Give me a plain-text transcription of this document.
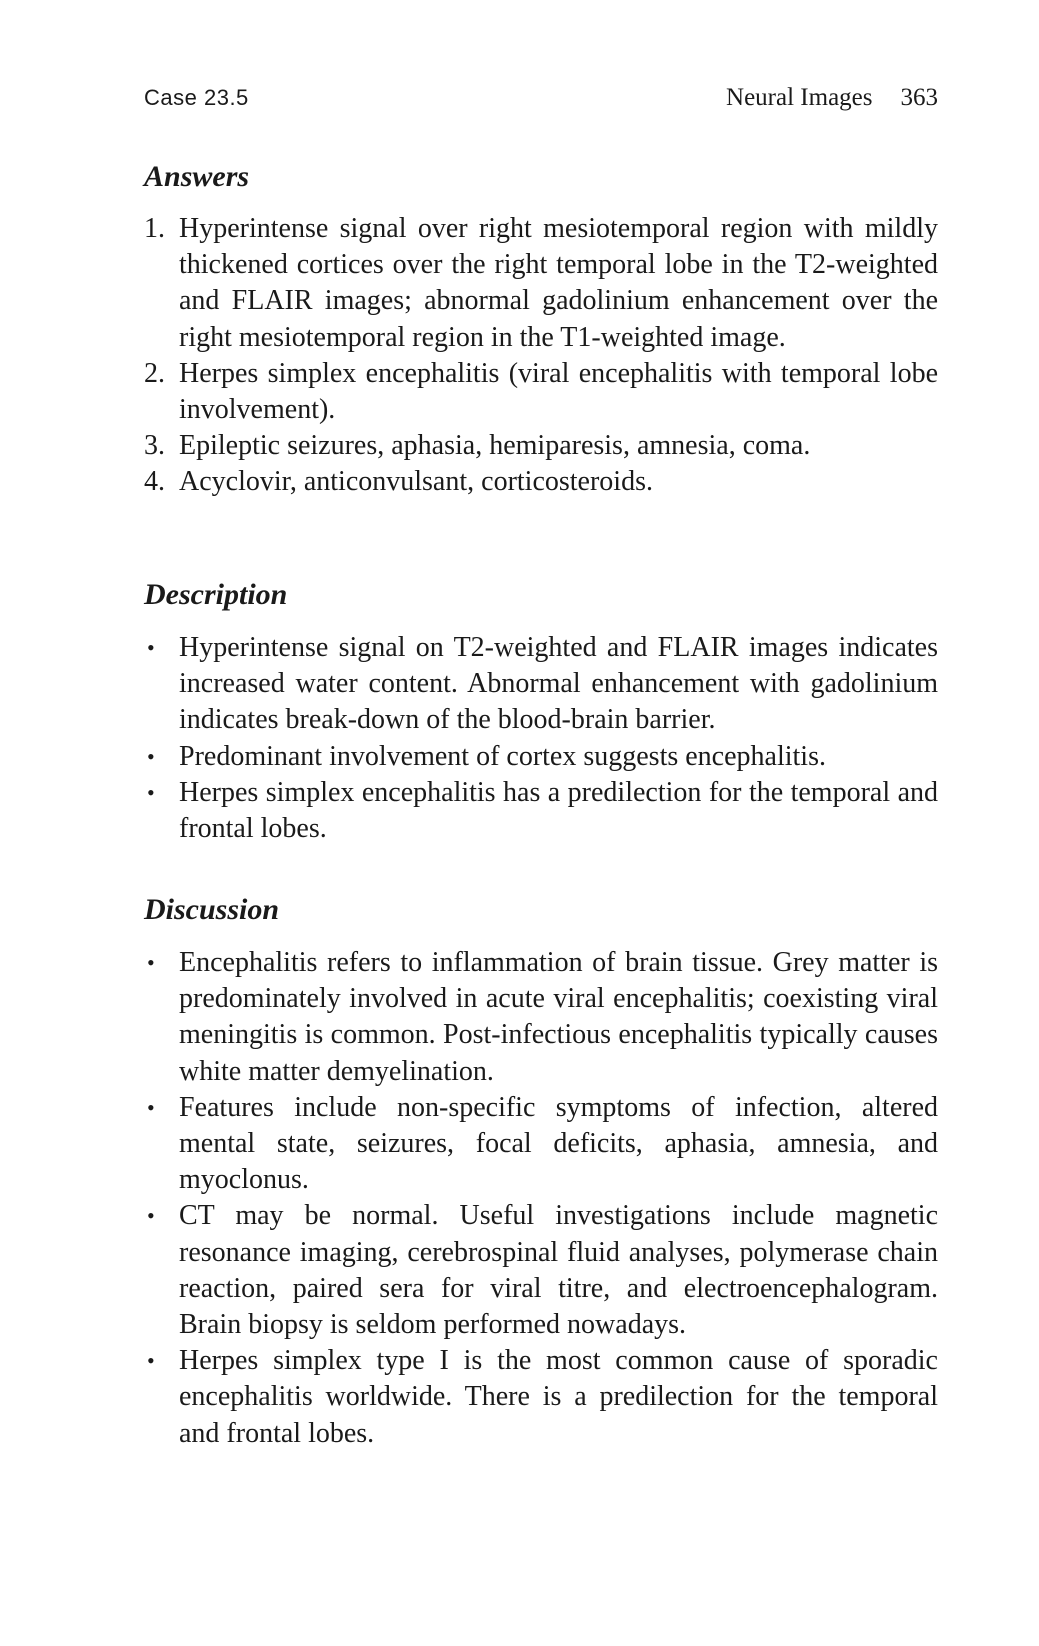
Case 23.5	Neural Images 363
Answers
1. Hyperintense signal over right mesiotemporal region with mildly thickened cortices over the right temporal lobe in the T2-weighted and FLAIR images; abnormal gadolinium enhancement over the right mesiotemporal region in the T1-weighted image.
2. Herpes simplex encephalitis (viral encephalitis with temporal lobe involvement).
3. Epileptic seizures, aphasia, hemiparesis, amnesia, coma.
4. Acyclovir, anticonvulsant, corticosteroids.
Description
• Hyperintense signal on T2-weighted and FLAIR images indicates increased water content. Abnormal enhancement with gadolinium indicates break-down of the blood-brain barrier.
• Predominant involvement of cortex suggests encephalitis.
• Herpes simplex encephalitis has a predilection for the temporal and frontal lobes.
Discussion
• Encephalitis refers to inflammation of brain tissue. Grey matter is predominately involved in acute viral encephalitis; coexisting viral meningitis is common. Post-infectious encephalitis typically causes white matter demyelination.
• Features include non-specific symptoms of infection, altered mental state, seizures, focal deficits, aphasia, amnesia, and myoclonus.
• CT may be normal. Useful investigations include magnetic resonance imaging, cerebrospinal fluid analyses, polymerase chain reaction, paired sera for viral titre, and electroencephalogram. Brain biopsy is seldom performed nowadays.
• Herpes simplex type I is the most common cause of sporadic encephalitis worldwide. There is a predilection for the temporal and frontal lobes.
